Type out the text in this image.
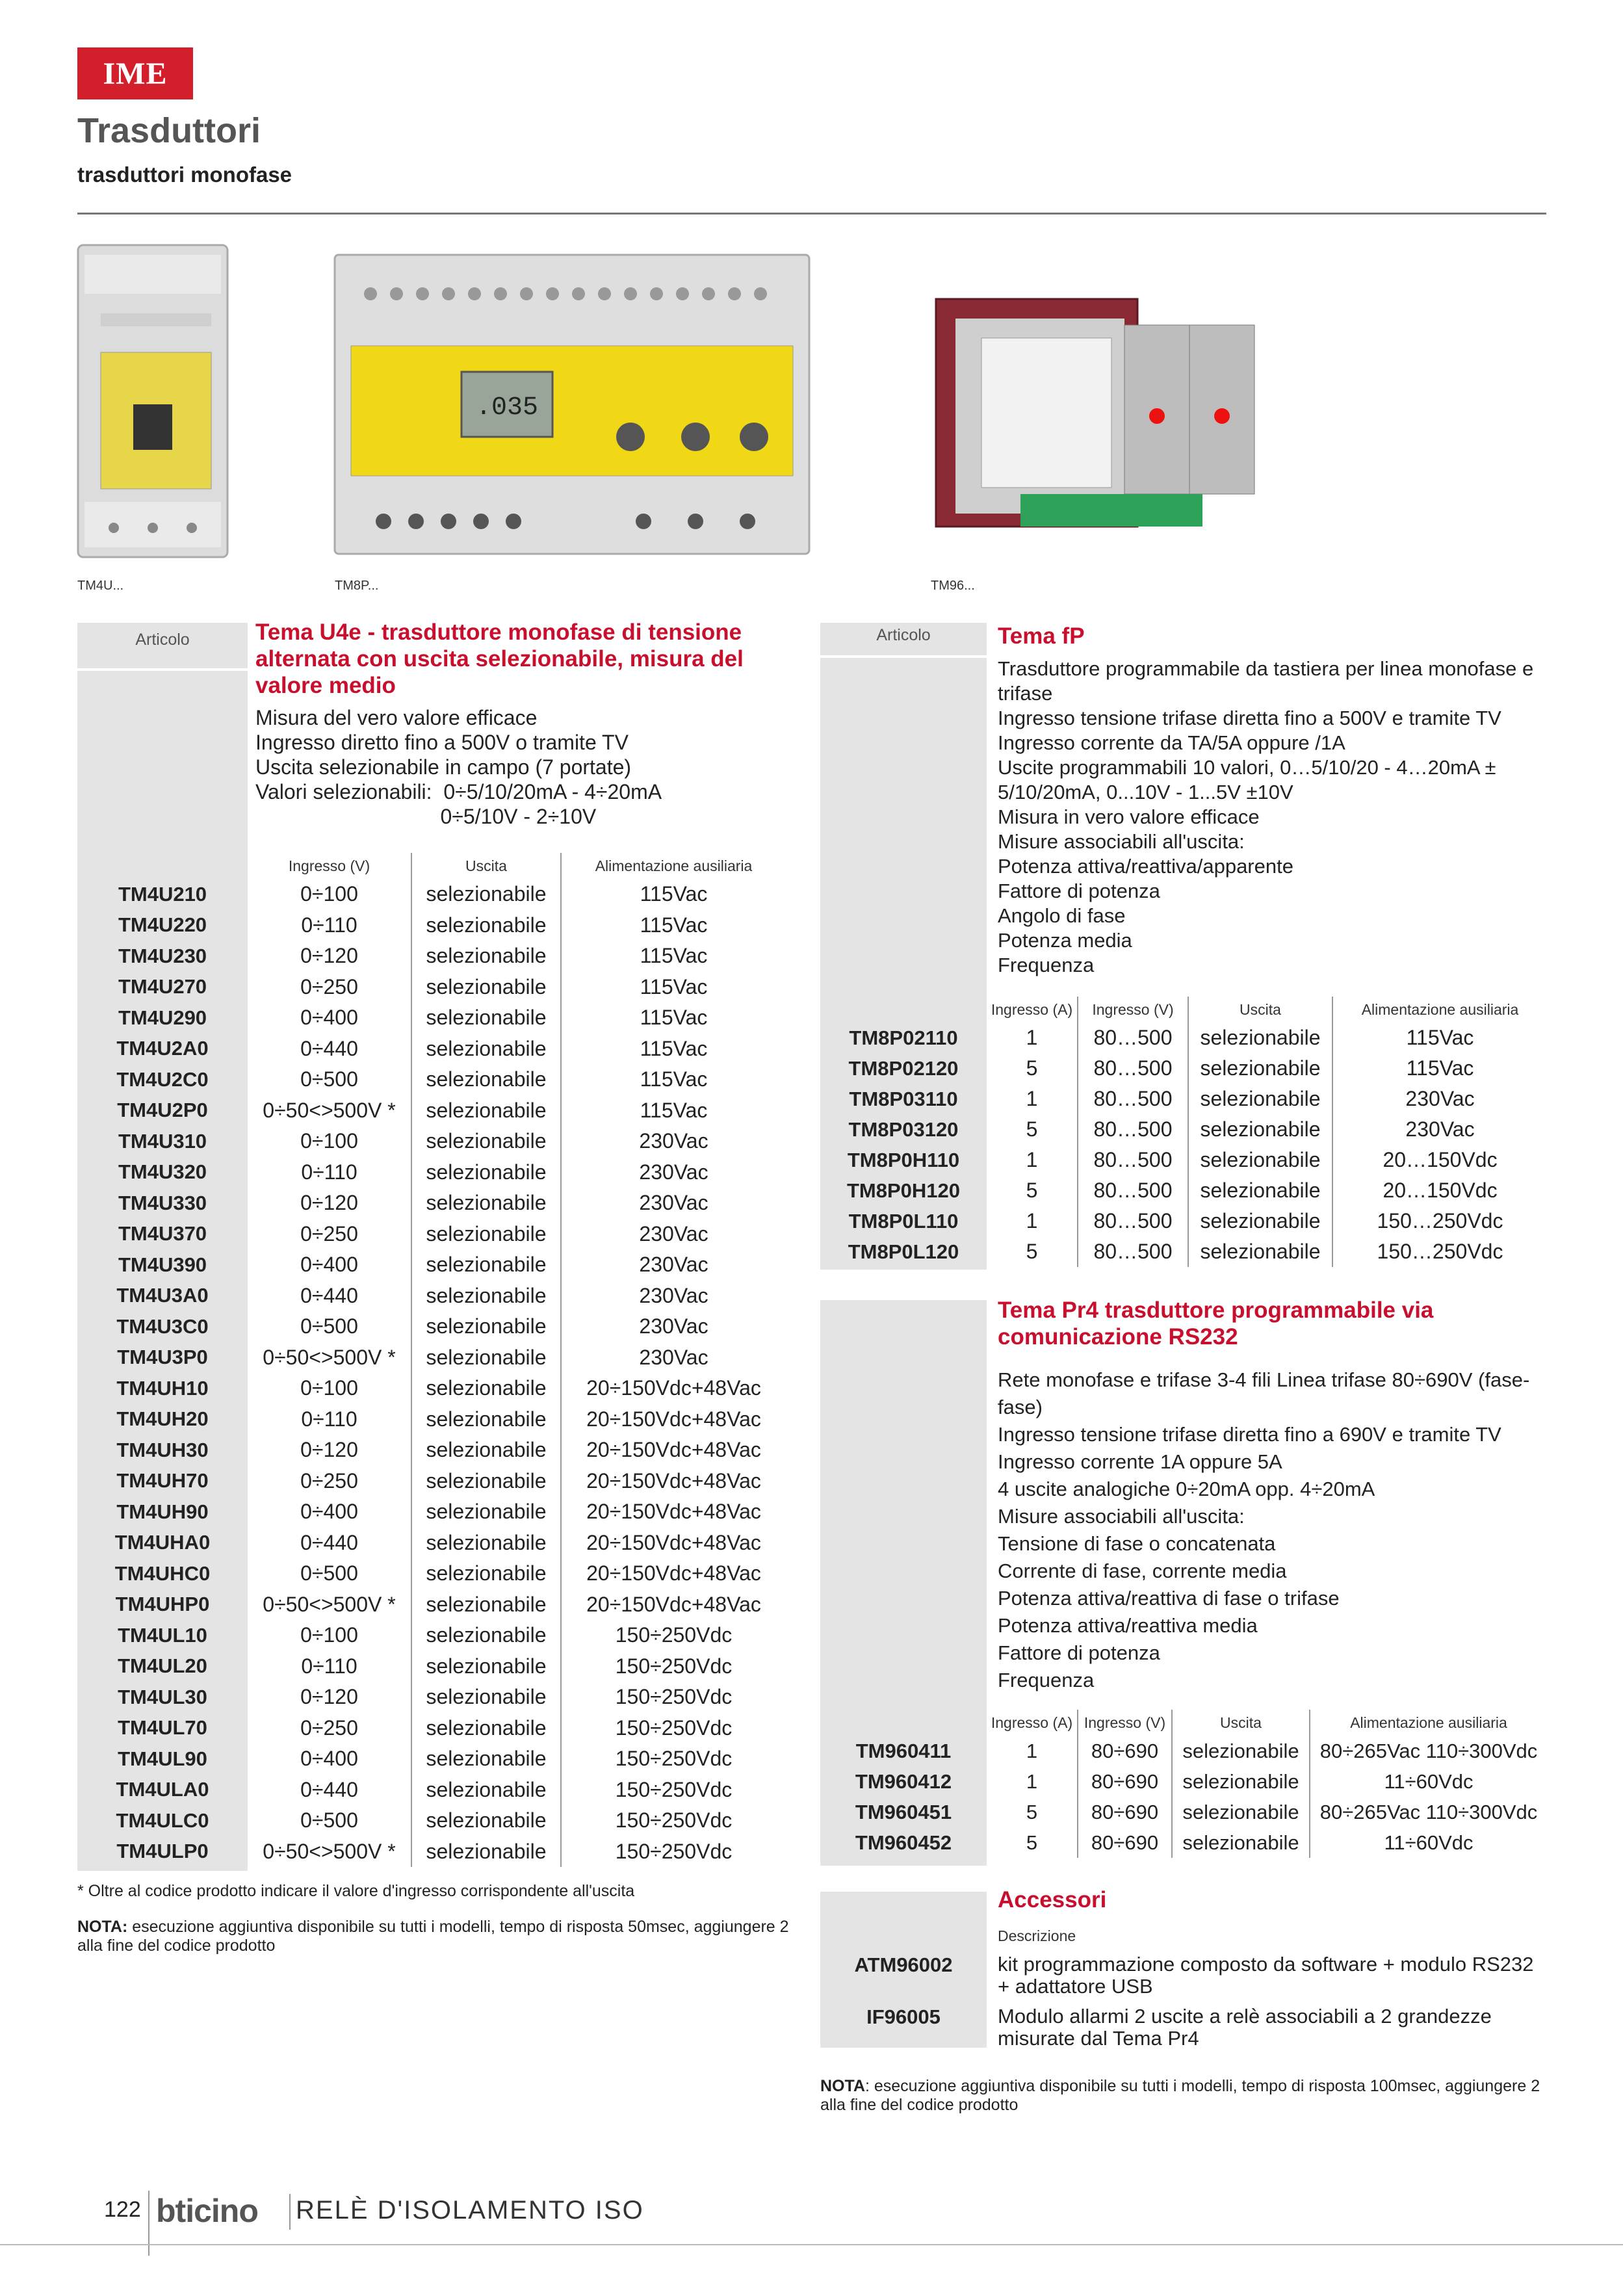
IME
Trasduttori
trasduttori monofase
TM4U...
.035
TM8P...	TM96...
Articolo	Tema U4e - trasduttore monofase di tensione alternata con uscita selezionabile, misura del valore medio
Misura del vero valore efficace
Ingresso diretto fino a 500V o tramite TV
Uscita selezionabile in campo (7 portate)
Valori selezionabili:  0÷5/10/20mA - 4÷20mA
0÷5/10V - 2÷10V
	Ingresso (V)	Uscita	Alimentazione ausiliaria
TM4U210	0÷100	selezionabile	115Vac
TM4U220	0÷110	selezionabile	115Vac
TM4U230	0÷120	selezionabile	115Vac
TM4U270	0÷250	selezionabile	115Vac
TM4U290	0÷400	selezionabile	115Vac
TM4U2A0	0÷440	selezionabile	115Vac
TM4U2C0	0÷500	selezionabile	115Vac
TM4U2P0	0÷50<>500V *	selezionabile	115Vac
TM4U310	0÷100	selezionabile	230Vac
TM4U320	0÷110	selezionabile	230Vac
TM4U330	0÷120	selezionabile	230Vac
TM4U370	0÷250	selezionabile	230Vac
TM4U390	0÷400	selezionabile	230Vac
TM4U3A0	0÷440	selezionabile	230Vac
TM4U3C0	0÷500	selezionabile	230Vac
TM4U3P0	0÷50<>500V *	selezionabile	230Vac
TM4UH10	0÷100	selezionabile	20÷150Vdc+48Vac
TM4UH20	0÷110	selezionabile	20÷150Vdc+48Vac
TM4UH30	0÷120	selezionabile	20÷150Vdc+48Vac
TM4UH70	0÷250	selezionabile	20÷150Vdc+48Vac
TM4UH90	0÷400	selezionabile	20÷150Vdc+48Vac
TM4UHA0	0÷440	selezionabile	20÷150Vdc+48Vac
TM4UHC0	0÷500	selezionabile	20÷150Vdc+48Vac
TM4UHP0	0÷50<>500V *	selezionabile	20÷150Vdc+48Vac
TM4UL10	0÷100	selezionabile	150÷250Vdc
TM4UL20	0÷110	selezionabile	150÷250Vdc
TM4UL30	0÷120	selezionabile	150÷250Vdc
TM4UL70	0÷250	selezionabile	150÷250Vdc
TM4UL90	0÷400	selezionabile	150÷250Vdc
TM4ULA0	0÷440	selezionabile	150÷250Vdc
TM4ULC0	0÷500	selezionabile	150÷250Vdc
TM4ULP0	0÷50<>500V *	selezionabile	150÷250Vdc
* Oltre al codice prodotto indicare il valore d'ingresso corrispondente all'uscita
NOTA: esecuzione aggiuntiva disponibile su tutti i modelli, tempo di risposta 50msec, aggiungere 2 alla fine del codice prodotto
Articolo	Tema fP
Trasduttore programmabile da tastiera per linea monofase e trifase
Ingresso tensione trifase diretta fino a 500V e tramite TV
Ingresso corrente da TA/5A oppure /1A
Uscite programmabili 10 valori, 0…5/10/20 - 4…20mA ± 5/10/20mA, 0...10V - 1...5V ±10V
Misura in vero valore efficace
Misure associabili all'uscita:
Potenza attiva/reattiva/apparente
Fattore di potenza
Angolo di fase
Potenza media
Frequenza
	Ingresso (A)	Ingresso (V)	Uscita	Alimentazione ausiliaria
TM8P02110	1	80…500	selezionabile	115Vac
TM8P02120	5	80…500	selezionabile	115Vac
TM8P03110	1	80…500	selezionabile	230Vac
TM8P03120	5	80…500	selezionabile	230Vac
TM8P0H110	1	80…500	selezionabile	20…150Vdc
TM8P0H120	5	80…500	selezionabile	20…150Vdc
TM8P0L110	1	80…500	selezionabile	150…250Vdc
TM8P0L120	5	80…500	selezionabile	150…250Vdc
Tema Pr4 trasduttore programmabile via comunicazione RS232
Rete monofase e trifase 3-4 fili Linea trifase 80÷690V (fase-fase)
Ingresso tensione trifase diretta fino a 690V e tramite TV
Ingresso corrente 1A oppure 5A
4 uscite analogiche 0÷20mA opp. 4÷20mA
Misure associabili all'uscita:
Tensione di fase o concatenata
Corrente di fase, corrente media
Potenza attiva/reattiva di fase o trifase
Potenza attiva/reattiva media
Fattore di potenza
Frequenza
	Ingresso (A)	Ingresso (V)	Uscita	Alimentazione ausiliaria
TM960411	1	80÷690	selezionabile	80÷265Vac 110÷300Vdc
TM960412	1	80÷690	selezionabile	11÷60Vdc
TM960451	5	80÷690	selezionabile	80÷265Vac 110÷300Vdc
TM960452	5	80÷690	selezionabile	11÷60Vdc
Accessori
Descrizione
ATM96002	kit programmazione composto da software + modulo RS232 + adattatore USB
IF96005	Modulo allarmi 2 uscite a relè associabili a 2 grandezze misurate dal Tema Pr4
NOTA: esecuzione aggiuntiva disponibile su tutti i modelli, tempo di risposta 100msec, aggiungere 2 alla fine del codice prodotto
122 bticino RELÈ D'ISOLAMENTO ISO
